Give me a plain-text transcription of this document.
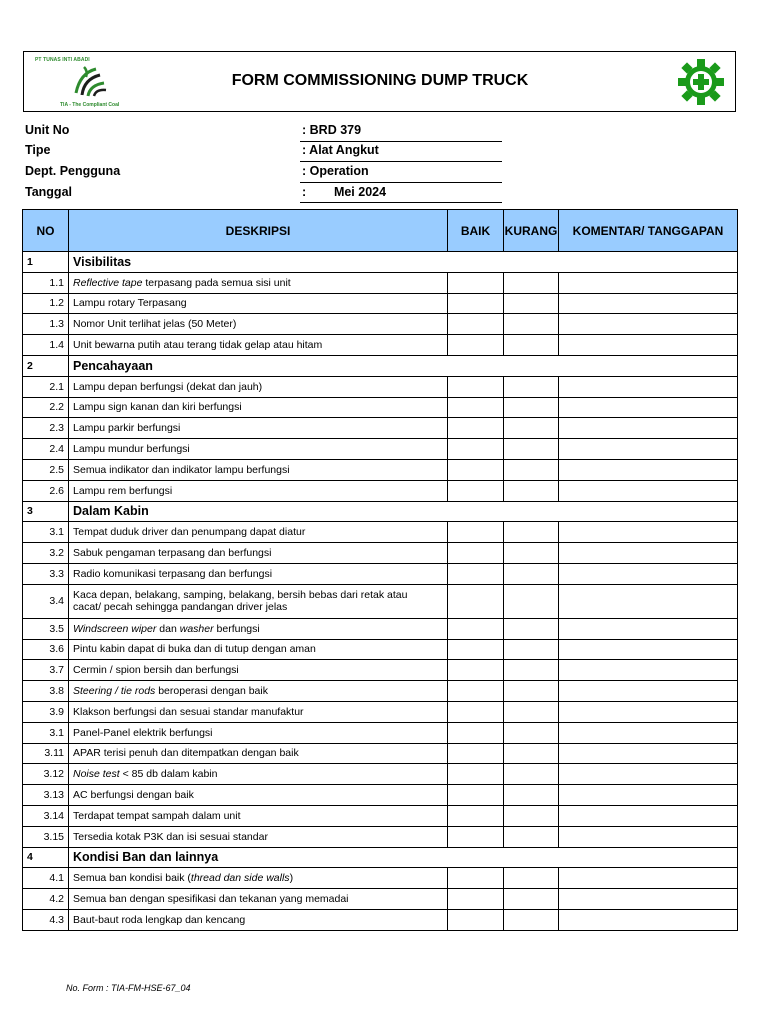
PT TUNAS INTI ABADI
TIA - The Compliant Coal
FORM COMMISSIONING DUMP TRUCK
Unit No	: BRD 379
Tipe	: Alat Angkut
Dept. Pengguna	: Operation
Tanggal	:        Mei 2024
NO	DESKRIPSI	BAIK	KURANG	KOMENTAR/ TANGGAPAN
1	Visibilitas			
1.1	Reflective tape terpasang pada semua sisi unit			
1.2	Lampu rotary Terpasang			
1.3	Nomor Unit terlihat jelas (50 Meter)			
1.4	Unit bewarna putih atau terang tidak gelap atau hitam			
2	Pencahayaan			
2.1	Lampu depan berfungsi (dekat dan jauh)			
2.2	Lampu sign kanan dan kiri berfungsi			
2.3	Lampu parkir berfungsi			
2.4	Lampu mundur berfungsi			
2.5	Semua indikator dan indikator lampu berfungsi			
2.6	Lampu rem berfungsi			
3	Dalam Kabin			
3.1	Tempat duduk driver dan penumpang dapat diatur			
3.2	Sabuk pengaman terpasang dan berfungsi			
3.3	Radio komunikasi terpasang dan berfungsi			
3.4	Kaca depan, belakang, samping, belakang, bersih bebas dari retak atau
cacat/ pecah sehingga pandangan driver jelas			
3.5	Windscreen wiper dan washer berfungsi			
3.6	Pintu kabin dapat di buka dan di tutup dengan aman			
3.7	Cermin / spion bersih dan berfungsi			
3.8	Steering / tie rods beroperasi dengan baik			
3.9	Klakson berfungsi dan sesuai standar manufaktur			
3.1	Panel-Panel elektrik berfungsi			
3.11	APAR terisi penuh dan ditempatkan dengan baik			
3.12	Noise test < 85 db dalam kabin			
3.13	AC berfungsi dengan baik			
3.14	Terdapat tempat sampah dalam unit			
3.15	Tersedia kotak P3K dan isi sesuai standar			
4	Kondisi Ban dan lainnya			
4.1	Semua ban kondisi baik (thread dan side walls)			
4.2	Semua ban dengan spesifikasi dan tekanan yang memadai			
4.3	Baut-baut roda lengkap dan kencang			
No. Form : TIA-FM-HSE-67_04
